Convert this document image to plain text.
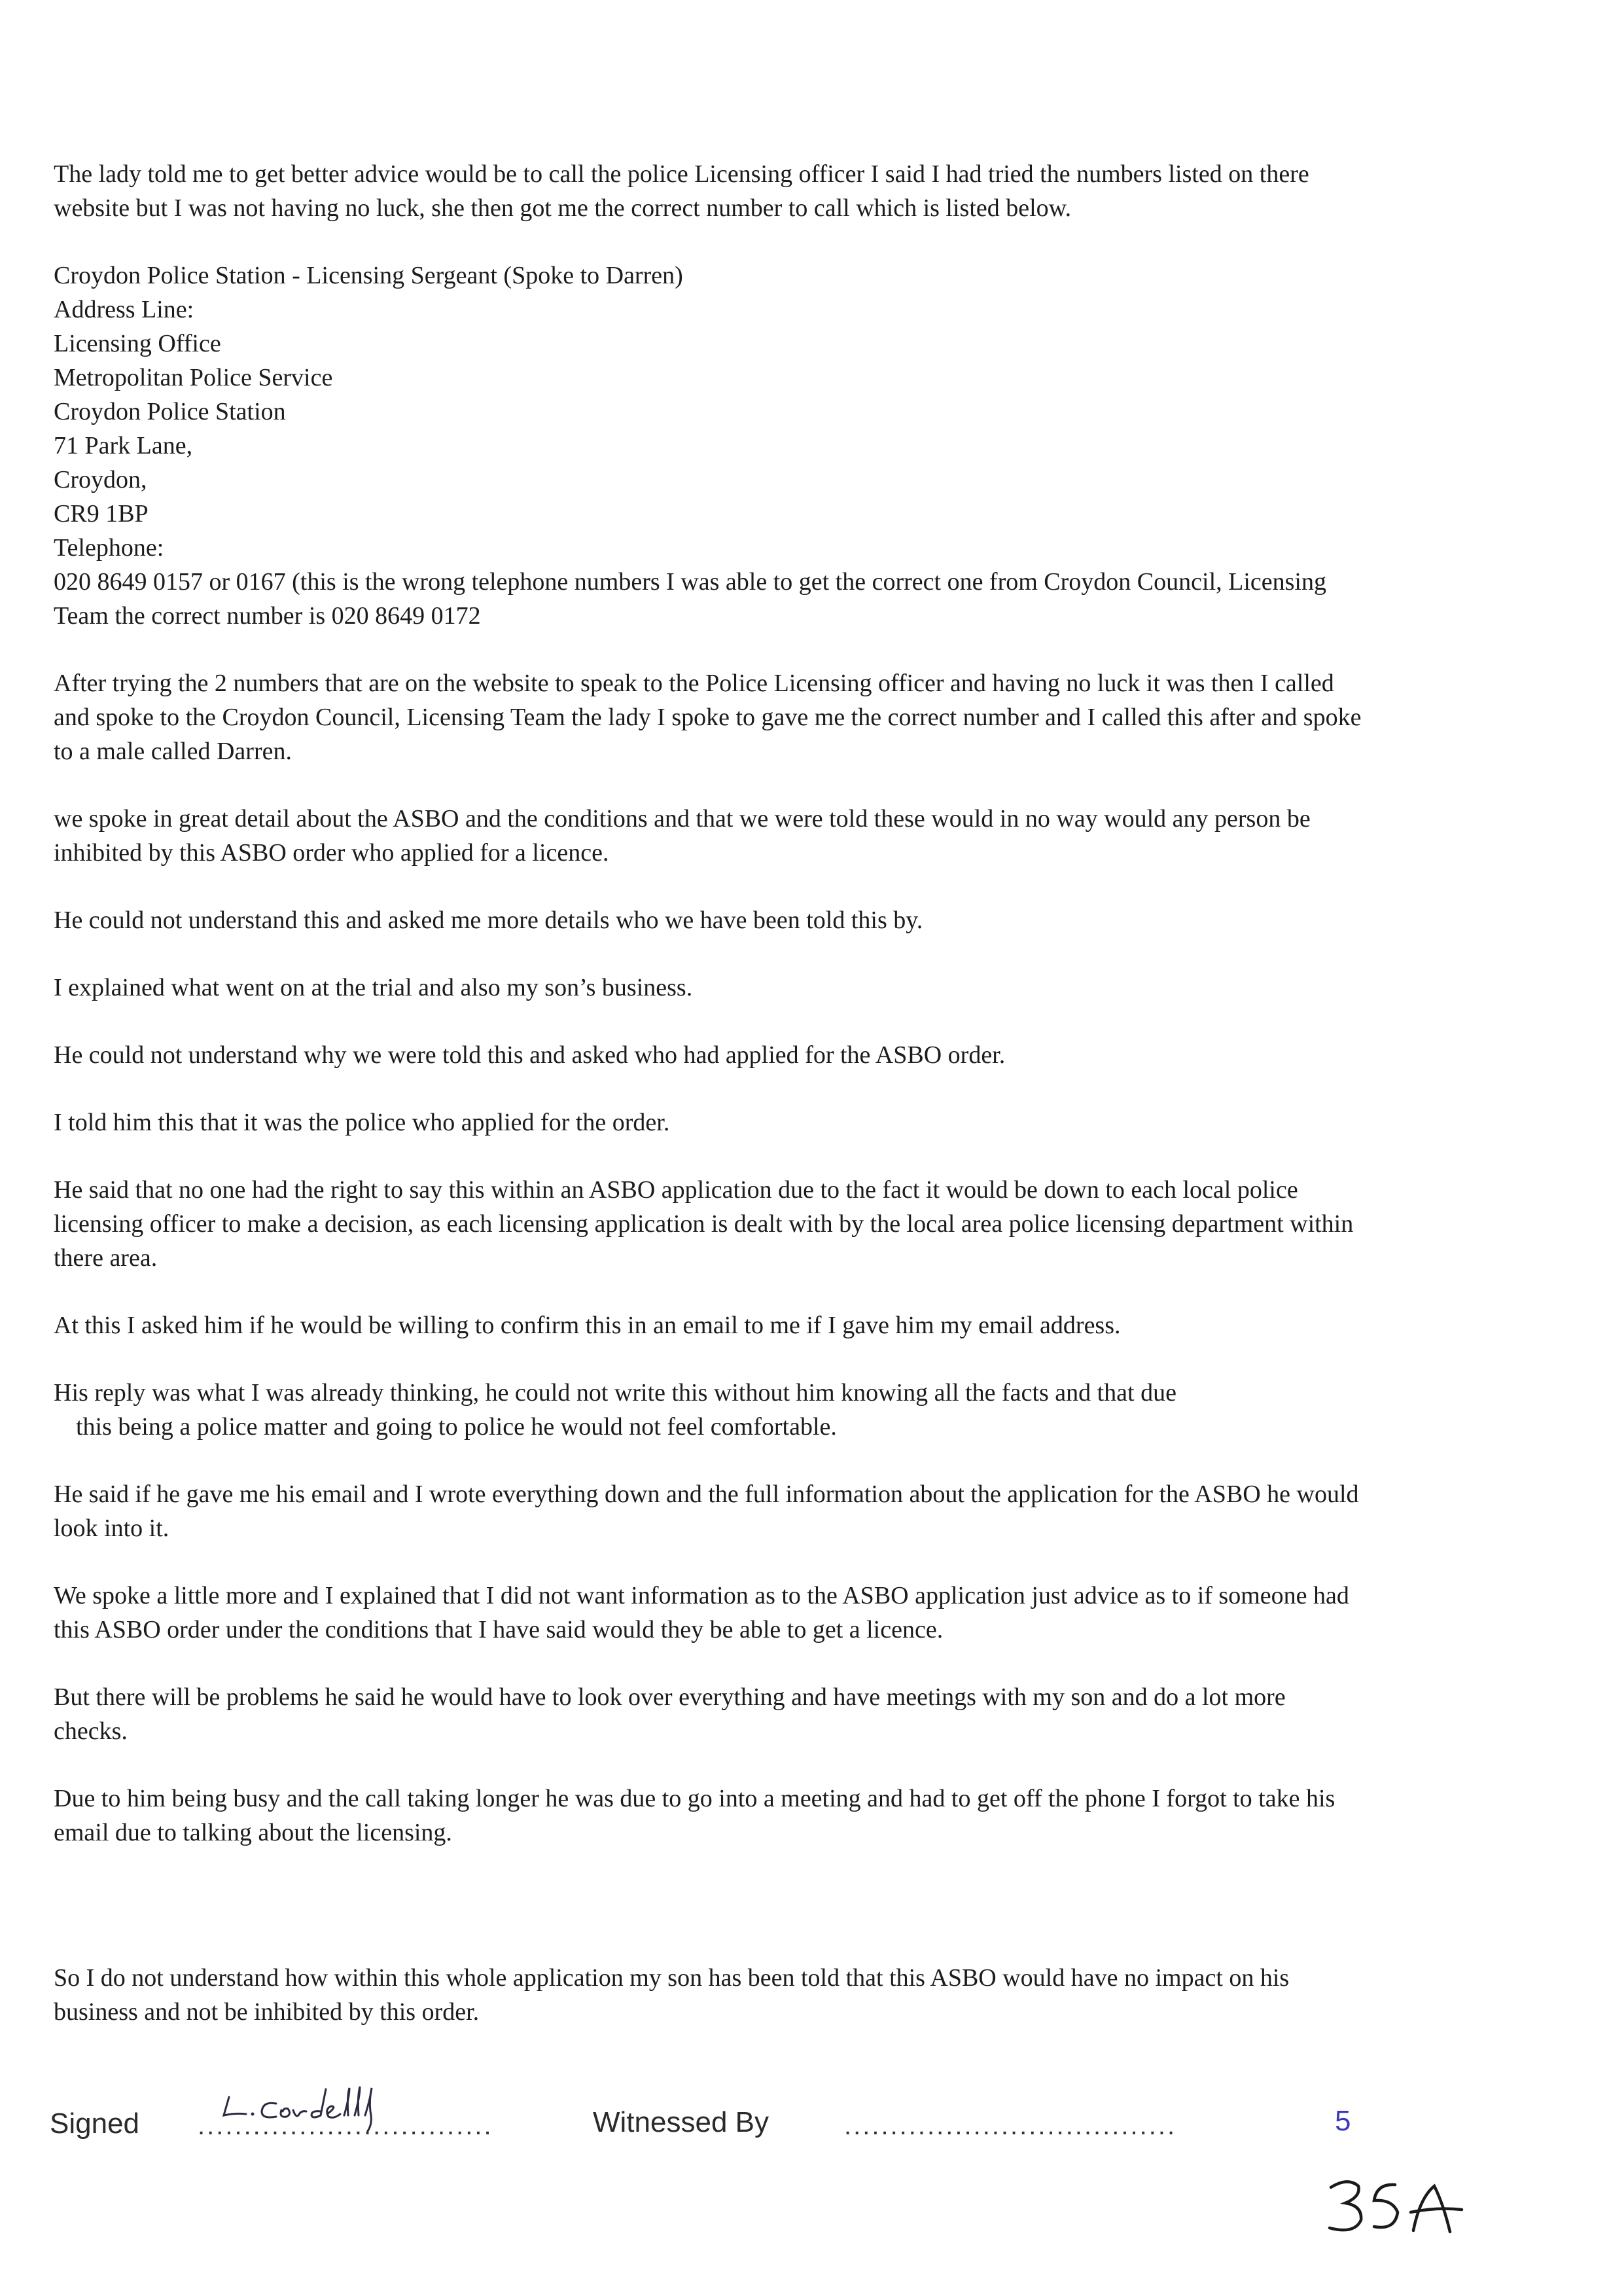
The lady told me to get better advice would be to call the police Licensing officer I said I had tried the numbers listed on there website but I was not having no luck, she then got me the correct number to call which is listed below.

Croydon Police Station - Licensing Sergeant (Spoke to Darren)
Address Line:
Licensing Office
Metropolitan Police Service
Croydon Police Station
71 Park Lane,
Croydon,
CR9 1BP
Telephone:
020 8649 0157 or 0167 (this is the wrong telephone numbers I was able to get the correct one from Croydon Council, Licensing Team the correct number is 020 8649 0172

After trying the 2 numbers that are on the website to speak to the Police Licensing officer and having no luck it was then I called and spoke to the Croydon Council, Licensing Team the lady I spoke to gave me the correct number and I called this after and spoke to a male called Darren.

we spoke in great detail about the ASBO and the conditions and that we were told these would in no way would any person be inhibited by this ASBO order who applied for a licence.

He could not understand this and asked me more details who we have been told this by.

I explained what went on at the trial and also my son’s business.

He could not understand why we were told this and asked who had applied for the ASBO order.

I told him this that it was the police who applied for the order.

He said that no one had the right to say this within an ASBO application due to the fact it would be down to each local police licensing officer to make a decision, as each licensing application is dealt with by the local area police licensing department within there area.

At this I asked him if he would be willing to confirm this in an email to me if I gave him my email address.

His reply was what I was already thinking, he could not write this without him knowing all the facts and that due

this being a police matter and going to police he would not feel comfortable.

He said if he gave me his email and I wrote everything down and the full information about the application for the ASBO he would look into it.

We spoke a little more and I explained that I did not want information as to the ASBO application just advice as to if someone had this ASBO order under the conditions that I have said would they be able to get a licence.

But there will be problems he said he would have to look over everything and have meetings with my son and do a lot more checks.

Due to him being busy and the call taking longer he was due to go into a meeting and had to get off the phone I forgot to take his email due to talking about the licensing.

So I do not understand how within this whole application my son has been told that this ASBO would have no impact on his business and not be inhibited by this order.

Signed ................................	Witnessed By	....................................	5
